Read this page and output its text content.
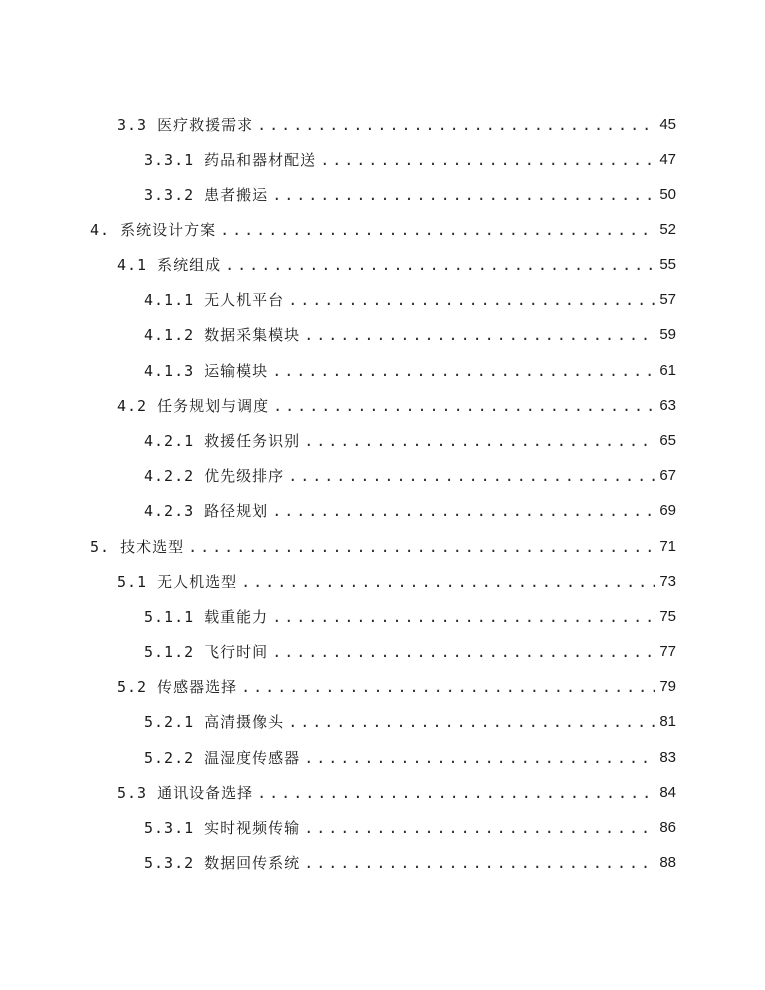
3.3 医疗救援需求 .....	45
3.3.1 药品和器材配送 .....	47
3.3.2 患者搬运 .....	50
4. 系统设计方案 .....	52
4.1 系统组成 .....	55
4.1.1 无人机平台 .....	57
4.1.2 数据采集模块 .....	59
4.1.3 运输模块 .....	61
4.2 任务规划与调度 .....	63
4.2.1 救援任务识别 .....	65
4.2.2 优先级排序 .....	67
4.2.3 路径规划 .....	69
5. 技术选型 .....	71
5.1 无人机选型 .....	73
5.1.1 载重能力 .....	75
5.1.2 飞行时间 .....	77
5.2 传感器选择 .....	79
5.2.1 高清摄像头 .....	81
5.2.2 温湿度传感器 .....	83
5.3 通讯设备选择 .....	84
5.3.1 实时视频传输 .....	86
5.3.2 数据回传系统 .....	88
